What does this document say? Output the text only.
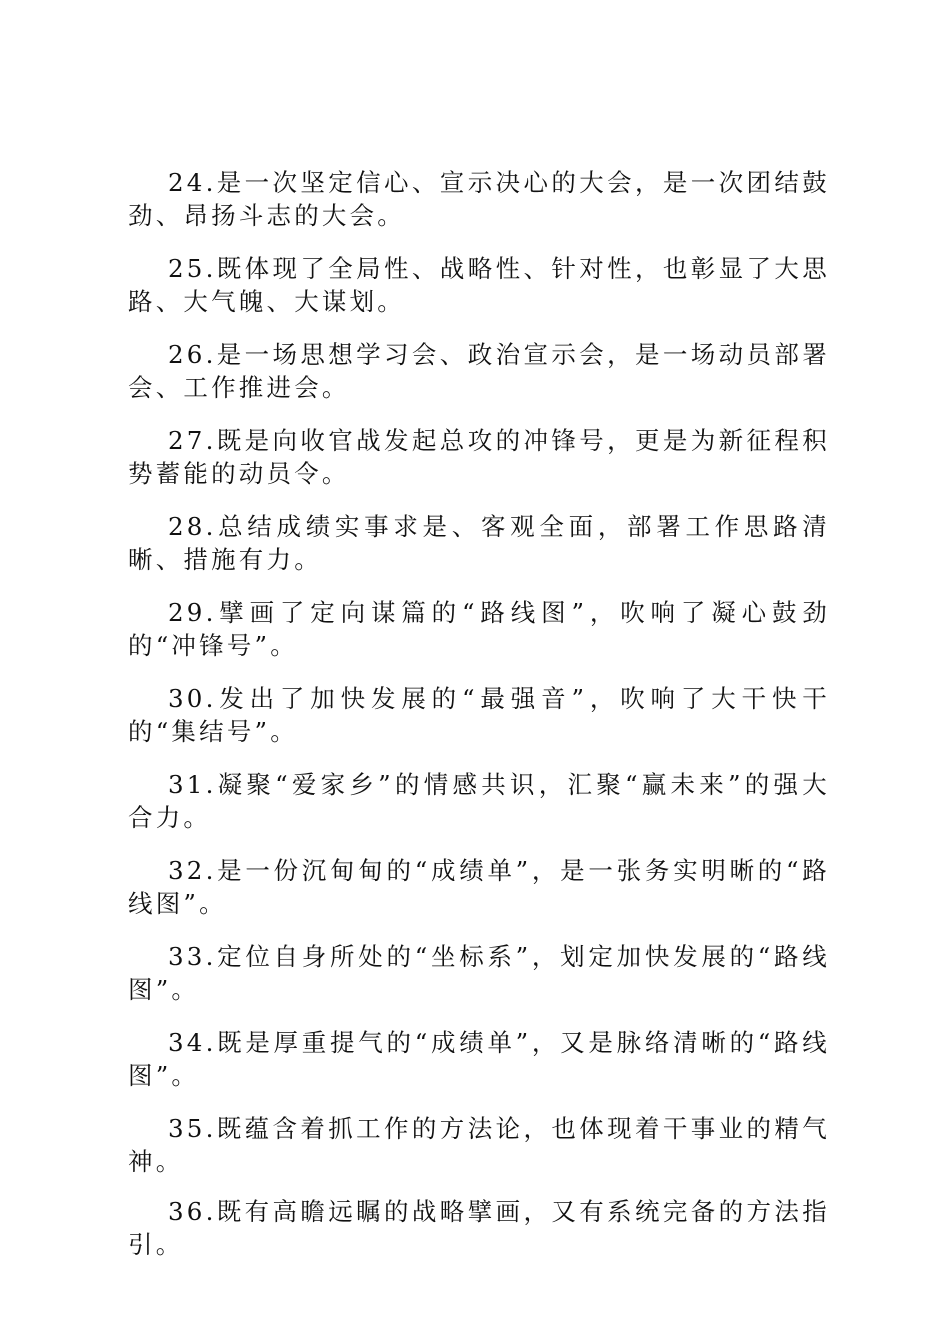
24.是一次坚定信心、宣示决心的大会，是一次团结鼓劲、昂扬斗志的大会。

25.既体现了全局性、战略性、针对性，也彰显了大思路、大气魄、大谋划。

26.是一场思想学习会、政治宣示会，是一场动员部署会、工作推进会。

27.既是向收官战发起总攻的冲锋号，更是为新征程积势蓄能的动员令。

28.总结成绩实事求是、客观全面，部署工作思路清晰、措施有力。

29.擘画了定向谋篇的“路线图”，吹响了凝心鼓劲的“冲锋号”。

30.发出了加快发展的“最强音”，吹响了大干快干的“集结号”。

31.凝聚“爱家乡”的情感共识，汇聚“赢未来”的强大合力。

32.是一份沉甸甸的“成绩单”，是一张务实明晰的“路线图”。

33.定位自身所处的“坐标系”，划定加快发展的“路线图”。

34.既是厚重提气的“成绩单”，又是脉络清晰的“路线图”。

35.既蕴含着抓工作的方法论，也体现着干事业的精气神。

36.既有高瞻远瞩的战略擘画，又有系统完备的方法指引。
